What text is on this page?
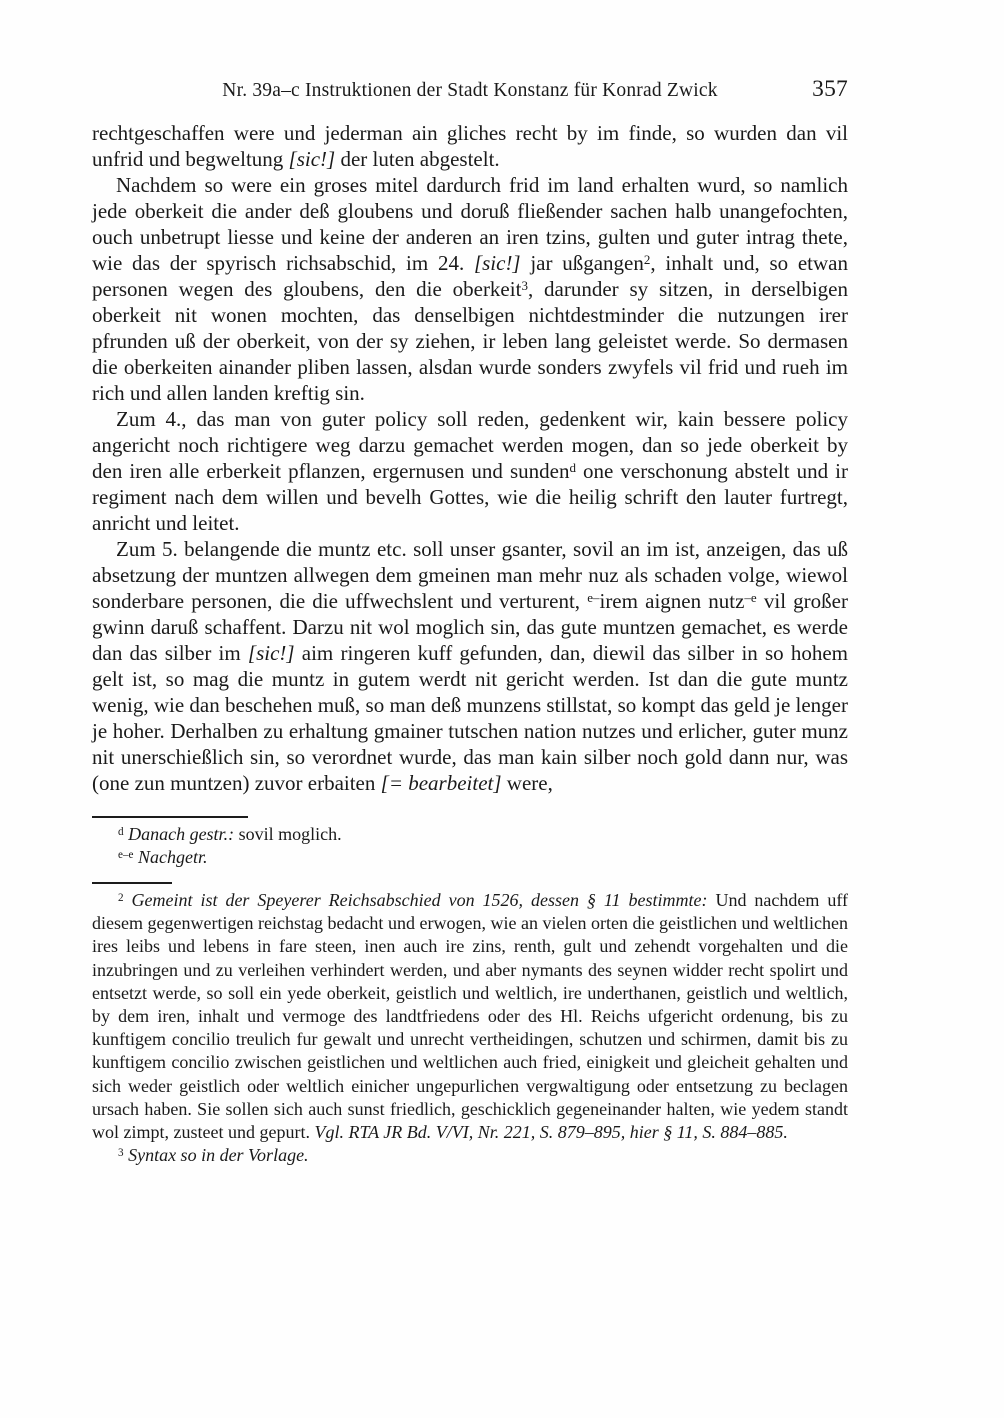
Nr. 39a–c Instruktionen der Stadt Konstanz für Konrad Zwick	357

rechtgeschaffen were und jederman ain gliches recht by im finde, so wurden dan vil unfrid und begweltung [sic!] der luten abgestelt.

Nachdem so were ein groses mitel dardurch frid im land erhalten wurd, so namlich jede oberkeit die ander deß gloubens und doruß fließender sachen halb unangefochten, ouch unbetrupt liesse und keine der anderen an iren tzins, gulten und guter intrag thete, wie das der spyrisch richsabschid, im 24. [sic!] jar ußgangen$^2$, inhalt und, so etwan personen wegen des gloubens, den die oberkeit$^3$, darunder sy sitzen, in derselbigen oberkeit nit wonen mochten, das denselbigen nichtdestminder die nutzungen irer pfrunden uß der oberkeit, von der sy ziehen, ir leben lang geleistet werde. So dermasen die oberkeiten ainander pliben lassen, alsdan wurde sonders zwyfels vil frid und rueh im rich und allen landen kreftig sin.

Zum 4., das man von guter policy soll reden, gedenkent wir, kain bessere policy angericht noch richtigere weg darzu gemachet werden mogen, dan so jede oberkeit by den iren alle erberkeit pflanzen, ergernusen und sunden$^d$ one verschonung abstelt und ir regiment nach dem willen und bevelh Gottes, wie die heilig schrift den lauter furtregt, anricht und leitet.

Zum 5. belangende die muntz etc. soll unser gsanter, sovil an im ist, anzeigen, das uß absetzung der muntzen allwegen dem gmeinen man mehr nuz als schaden volge, wiewol sonderbare personen, die die uffwechslent und verturent, $^{e-}$irem aignen nutz$^{-e}$ vil großer gwinn daruß schaffent. Darzu nit wol moglich sin, das gute muntzen gemachet, es werde dan das silber im [sic!] aim ringeren kuff gefunden, dan, diewil das silber in so hohem gelt ist, so mag die muntz in gutem werdt nit gericht werden. Ist dan die gute muntz wenig, wie dan beschehen muß, so man deß munzens stillstat, so kompt das geld je lenger je hoher. Derhalben zu erhaltung gmainer tutschen nation nutzes und erlicher, guter munz nit unerschießlich sin, so verordnet wurde, das man kain silber noch gold dann nur, was (one zun muntzen) zuvor erbaiten [= bearbeitet] were,

$^d$ Danach gestr.: sovil moglich.

$^{e-e}$ Nachgetr.

$^2$ Gemeint ist der Speyerer Reichsabschied von 1526, dessen § 11 bestimmte: Und nachdem uff diesem gegenwertigen reichstag bedacht und erwogen, wie an vielen orten die geistlichen und weltlichen ires leibs und lebens in fare steen, inen auch ire zins, renth, gult und zehendt vorgehalten und die inzubringen und zu verleihen verhindert werden, und aber nymants des seynen widder recht spolirt und entsetzt werde, so soll ein yede oberkeit, geistlich und weltlich, ire underthanen, geistlich und weltlich, by dem iren, inhalt und vermoge des landtfriedens oder des Hl. Reichs ufgericht ordenung, bis zu kunftigem concilio treulich fur gewalt und unrecht vertheidingen, schutzen und schirmen, damit bis zu kunftigem concilio zwischen geistlichen und weltlichen auch fried, einigkeit und gleicheit gehalten und sich weder geistlich oder weltlich einicher ungepurlichen vergwaltigung oder entsetzung zu beclagen ursach haben. Sie sollen sich auch sunst friedlich, geschicklich gegeneinander halten, wie yedem standt wol zimpt, zusteet und gepurt. Vgl. RTA JR Bd. V/VI, Nr. 221, S. 879–895, hier § 11, S. 884–885.

$^3$ Syntax so in der Vorlage.
